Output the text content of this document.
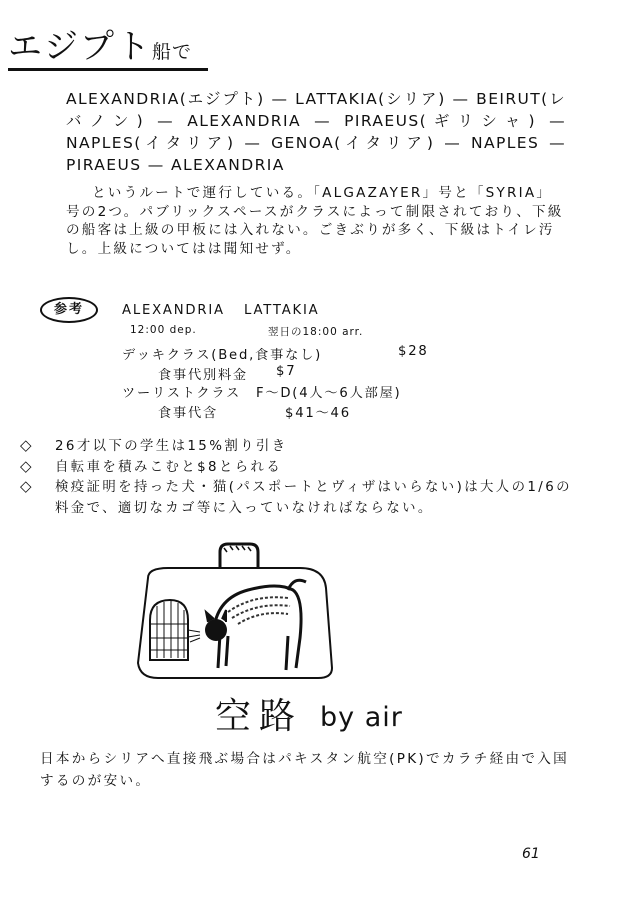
エジプト船で
ALEXANDRIA(エジプト) — LATTAKIA(シリア) — BEIRUT(レバノン) — ALEXANDRIA — PIRAEUS(ギリシャ) — NAPLES(イタリア) — GENOA(イタリア) — NAPLES — PIRAEUS — ALEXANDRIA
というルートで運行している。「ALGAZAYER」号と「SYRIA」号の2つ。パブリックスペースがクラスによって制限されており、下級の船客は上級の甲板には入れない。ごきぶりが多く、下級はトイレ汚し。上級についてはは聞知せず。
参考	ALEXANDRIA LATTAKIA
12:00 dep.	翌日の18:00 arr.
デッキクラス(Bed,食事なし)	$28
食事代別料金 $7
ツーリストクラス　F〜D(4人〜6人部屋)
食事代含	$41〜46
◇ 26才以下の学生は15%割り引き
◇ 自転車を積みこむと$8とられる
◇ 検疫証明を持った犬・猫(パスポートとヴィザはいらない)は大人の1/6の料金で、適切なカゴ等に入っていなければならない。
空路 by air
日本からシリアへ直接飛ぶ場合はパキスタン航空(PK)でカラチ経由で入国するのが安い。
61
